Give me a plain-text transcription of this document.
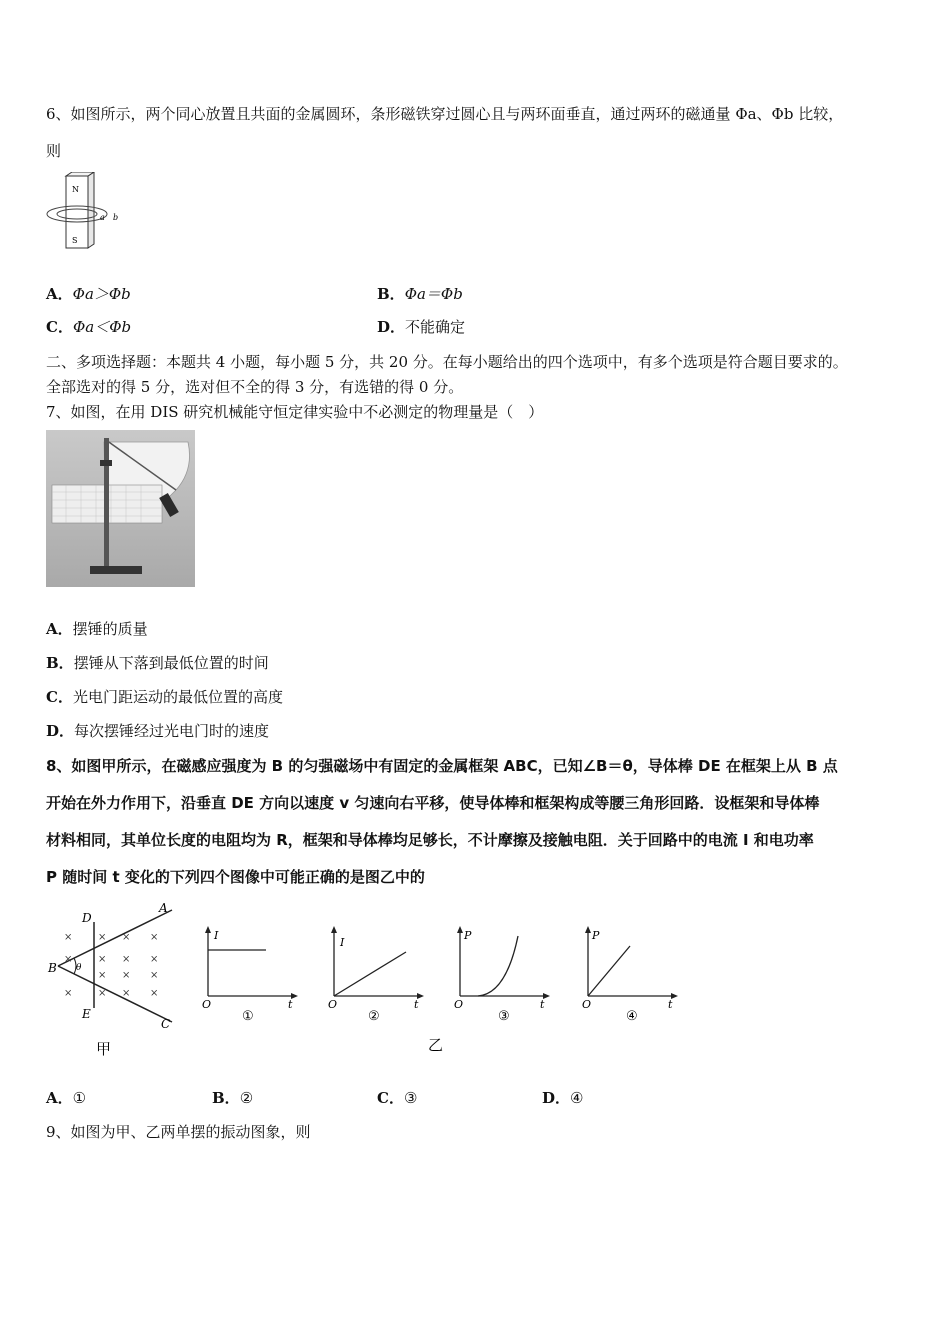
6、如图所示，两个同心放置且共面的金属圆环，条形磁铁穿过圆心且与两环面垂直，通过两环的磁通量 Φa、Φb 比较，
则
N
S
a b
A．Φa＞Φb	B．Φa＝Φb
C．Φa＜Φb	D．不能确定
二、多项选择题：本题共 4 小题，每小题 5 分，共 20 分。在每小题给出的四个选项中，有多个选项是符合题目要求的。
全部选对的得 5 分，选对但不全的得 3 分，有选错的得 0 分。
7、如图，在用 DIS 研究机械能守恒定律实验中不必测定的物理量是（　）
A．摆锤的质量
B．摆锤从下落到最低位置的时间
C．光电门距运动的最低位置的高度
D．每次摆锤经过光电门时的速度
8、如图甲所示，在磁感应强度为 B 的匀强磁场中有固定的金属框架 ABC，已知∠B＝θ，导体棒 DE 在框架上从 B 点
开始在外力作用下，沿垂直 DE 方向以速度 v 匀速向右平移，使导体棒和框架构成等腰三角形回路．设框架和导体棒
材料相同，其单位长度的电阻均为 R，框架和导体棒均足够长，不计摩擦及接触电阻．关于回路中的电流 I 和电功率
P 随时间 t 变化的下列四个图像中可能正确的是图乙中的
×
×
×
×
×
×
×
×
×
×
×
×
×
×
×
D
A
B θ
E
C
甲
I
O	t
①
I
O	t
②
P
O	t
③
P
O	t
④
乙
A．①	B．②	C．③	D．④
9、如图为甲、乙两单摆的振动图象，则
